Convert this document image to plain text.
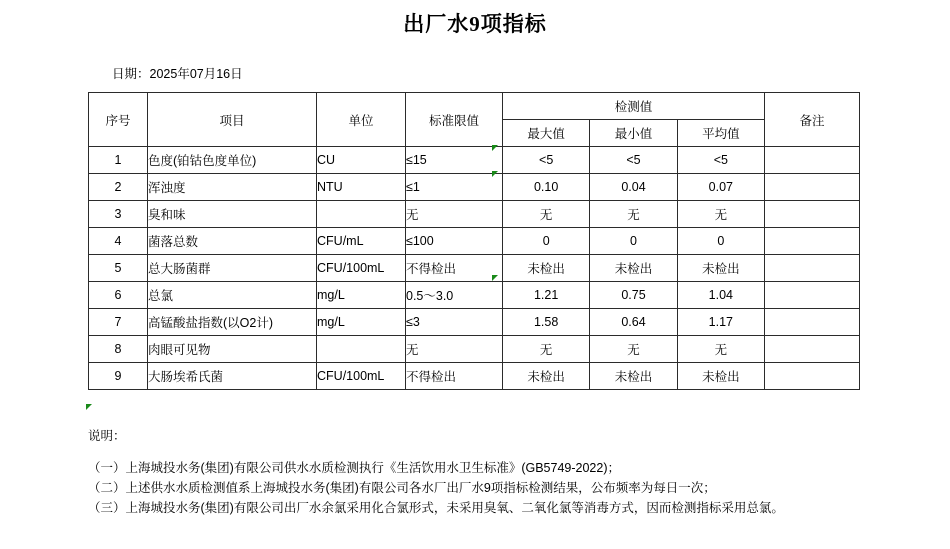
出厂水9项指标
日期：2025年07月16日
序号	项目	单位	标准限值	检测值			备注
				最大值	最小值	平均值	
1	色度(铂钴色度单位)	CU	≤15	<5	<5	<5	
2	浑浊度	NTU	≤1	0.10	0.04	0.07	
3	臭和味		无	无	无	无	
4	菌落总数	CFU/mL	≤100	0	0	0	
5	总大肠菌群	CFU/100mL	不得检出	未检出	未检出	未检出	
6	总氯	mg/L	0.5～3.0	1.21	0.75	1.04	
7	高锰酸盐指数(以O2计)	mg/L	≤3	1.58	0.64	1.17	
8	肉眼可见物		无	无	无	无	
9	大肠埃希氏菌	CFU/100mL	不得检出	未检出	未检出	未检出	
说明：
（一）上海城投水务(集团)有限公司供水水质检测执行《生活饮用水卫生标准》(GB5749-2022)；
（二）上述供水水质检测值系上海城投水务(集团)有限公司各水厂出厂水9项指标检测结果，公布频率为每日一次；
（三）上海城投水务(集团)有限公司出厂水余氯采用化合氯形式，未采用臭氧、二氧化氯等消毒方式，因而检测指标采用总氯。
